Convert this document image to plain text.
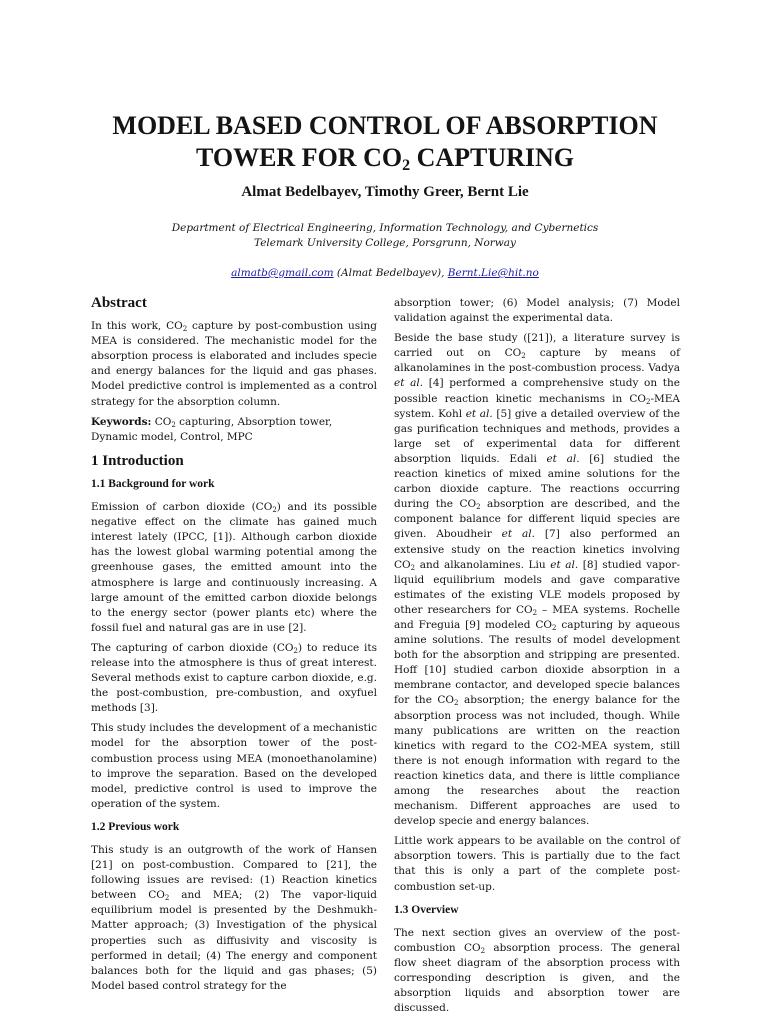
MODEL BASED CONTROL OF ABSORPTION
TOWER FOR $CO_2$ CAPTURING
Almat Bedelbayev, Timothy Greer, Bernt Lie
Department of Electrical Engineering, Information Technology, and Cybernetics
Telemark University College, Porsgrunn, Norway
almatb@gmail.com (Almat Bedelbayev), Bernt.Lie@hit.no
Abstract

In this work, $CO_2$ capture by post-combustion using MEA is considered. The mechanistic model for the absorption process is elaborated and includes specie and energy balances for the liquid and gas phases. Model predictive control is implemented as a control strategy for the absorption column.

Keywords: $CO_2$ capturing, Absorption tower, Dynamic model, Control, MPC

1 Introduction
1.1 Background for work

Emission of carbon dioxide $(CO_2)$ and its possible negative effect on the climate has gained much interest lately (IPCC, [1]). Although carbon dioxide has the lowest global warming potential among the greenhouse gases, the emitted amount into the atmosphere is large and continuously increasing. A large amount of the emitted carbon dioxide belongs to the energy sector (power plants etc) where the fossil fuel and natural gas are in use [2].

The capturing of carbon dioxide $(CO_2)$ to reduce its release into the atmosphere is thus of great interest. Several methods exist to capture carbon dioxide, e.g. the post-combustion, pre-combustion, and oxyfuel methods [3].

This study includes the development of a mechanistic model for the absorption tower of the post-combustion process using MEA (monoethanolamine) to improve the separation. Based on the developed model, predictive control is used to improve the operation of the system.

1.2 Previous work

This study is an outgrowth of the work of Hansen [21] on post-combustion. Compared to [21], the following issues are revised: (1) Reaction kinetics between $CO_2$ and MEA; (2) The vapor-liquid equilibrium model is presented by the Deshmukh-Matter approach; (3) Investigation of the physical properties such as diffusivity and viscosity is performed in detail; (4) The energy and component balances both for the liquid and gas phases; (5) Model based control strategy for the

absorption tower; (6) Model analysis; (7) Model validation against the experimental data.

Beside the base study ([21]), a literature survey is carried out on $CO_2$ capture by means of alkanolamines in the post-combustion process. Vadya et al. [4] performed a comprehensive study on the possible reaction kinetic mechanisms in $CO_2$-MEA system. Kohl et al. [5] give a detailed overview of the gas purification techniques and methods, provides a large set of experimental data for different absorption liquids. Edali et al. [6] studied the reaction kinetics of mixed amine solutions for the carbon dioxide capture. The reactions occurring during the $CO_2$ absorption are described, and the component balance for different liquid species are given. Aboudheir et al. [7] also performed an extensive study on the reaction kinetics involving $CO_2$ and alkanolamines. Liu et al. [8] studied vapor-liquid equilibrium models and gave comparative estimates of the existing VLE models proposed by other researchers for $CO_2$ – MEA systems. Rochelle and Freguia [9] modeled $CO_2$ capturing by aqueous amine solutions. The results of model development both for the absorption and stripping are presented. Hoff [10] studied carbon dioxide absorption in a membrane contactor, and developed specie balances for the $CO_2$ absorption; the energy balance for the absorption process was not included, though. While many publications are written on the reaction kinetics with regard to the CO2-MEA system, still there is not enough information with regard to the reaction kinetics data, and there is little compliance among the researches about the reaction mechanism. Different approaches are used to develop specie and energy balances.

Little work appears to be available on the control of absorption towers. This is partially due to the fact that this is only a part of the complete post-combustion set-up.

1.3 Overview

The next section gives an overview of the post-combustion $CO_2$ absorption process. The general flow sheet diagram of the absorption process with corresponding description is given, and the absorption liquids and absorption tower are discussed.
